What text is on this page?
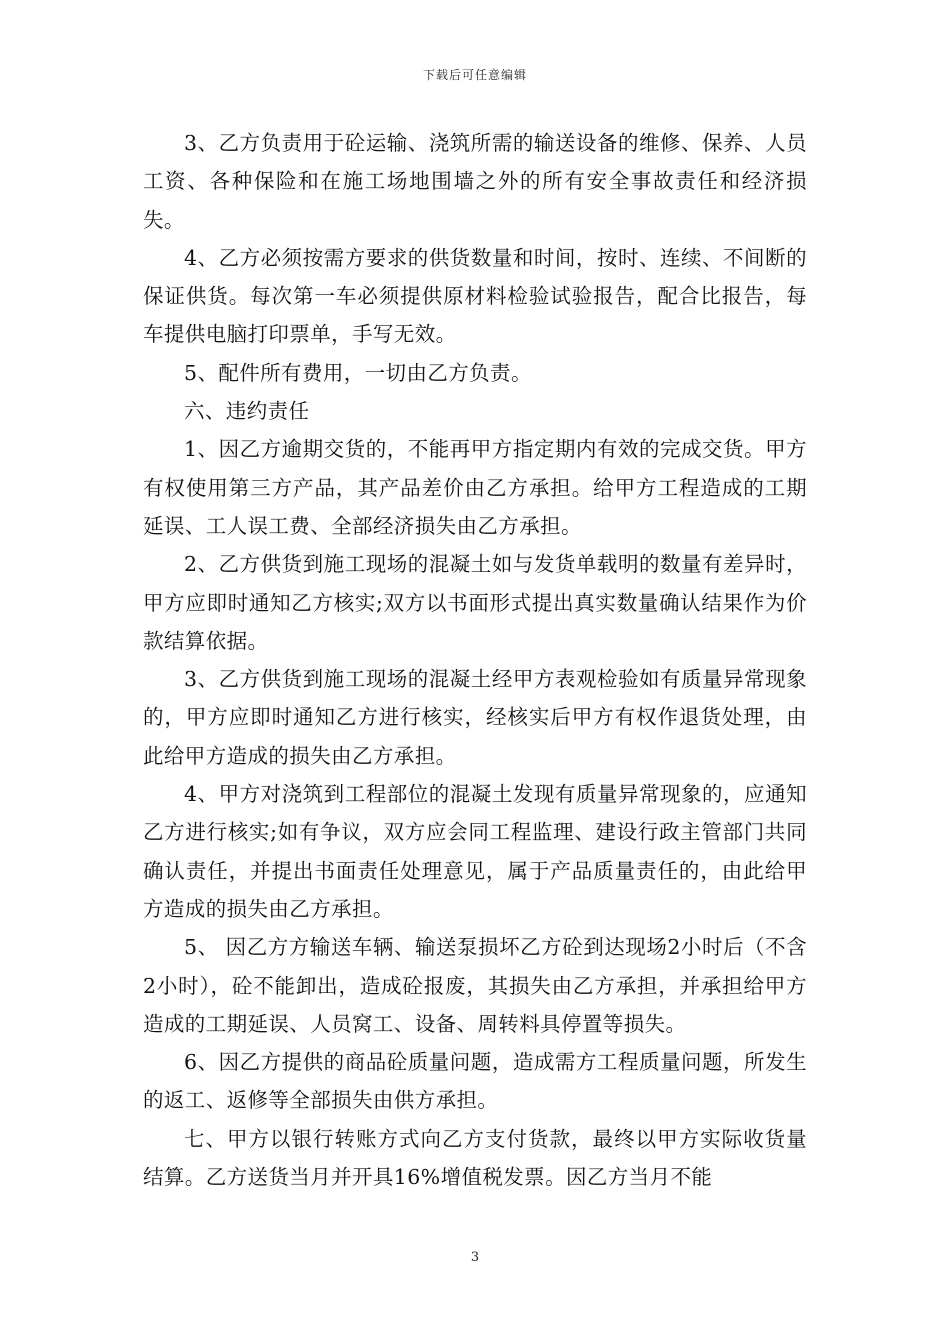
下载后可任意编辑

3、乙方负责用于砼运输、浇筑所需的输送设备的维修、保养、人员工资、各种保险和在施工场地围墙之外的所有安全事故责任和经济损失。

4、乙方必须按需方要求的供货数量和时间，按时、连续、不间断的保证供货。每次第一车必须提供原材料检验试验报告，配合比报告，每车提供电脑打印票单，手写无效。

5、配件所有费用，一切由乙方负责。

六、违约责任

1、因乙方逾期交货的，不能再甲方指定期内有效的完成交货。甲方有权使用第三方产品，其产品差价由乙方承担。给甲方工程造成的工期延误、工人误工费、全部经济损失由乙方承担。

2、乙方供货到施工现场的混凝土如与发货单载明的数量有差异时，甲方应即时通知乙方核实;双方以书面形式提出真实数量确认结果作为价款结算依据。

3、乙方供货到施工现场的混凝土经甲方表观检验如有质量异常现象的，甲方应即时通知乙方进行核实，经核实后甲方有权作退货处理，由此给甲方造成的损失由乙方承担。

4、甲方对浇筑到工程部位的混凝土发现有质量异常现象的，应通知乙方进行核实;如有争议，双方应会同工程监理、建设行政主管部门共同确认责任，并提出书面责任处理意见，属于产品质量责任的，由此给甲方造成的损失由乙方承担。

5、 因乙方方输送车辆、输送泵损坏乙方砼到达现场2小时后（不含2小时），砼不能卸出，造成砼报废，其损失由乙方承担，并承担给甲方造成的工期延误、人员窝工、设备、周转料具停置等损失。

6、因乙方提供的商品砼质量问题，造成需方工程质量问题，所发生的返工、返修等全部损失由供方承担。

七、甲方以银行转账方式向乙方支付货款，最终以甲方实际收货量结算。乙方送货当月并开具16%增值税发票。因乙方当月不能

3
